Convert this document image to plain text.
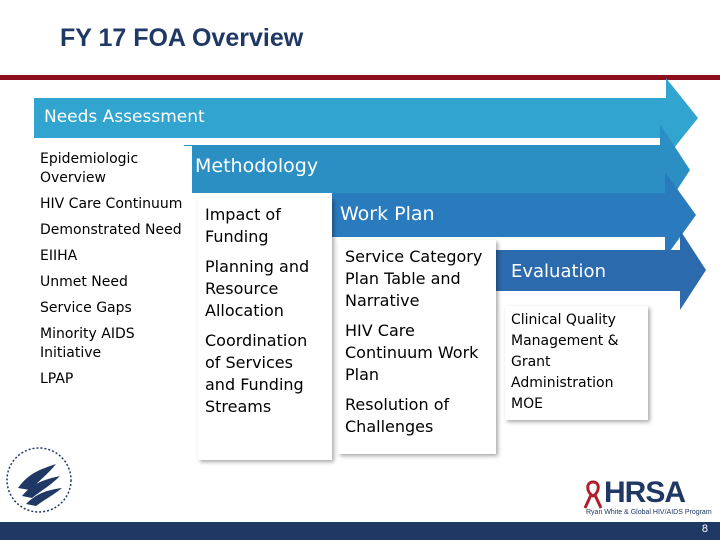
FY 17 FOA Overview
Needs Assessment
Methodology
Work Plan
Evaluation
Epidemiologic Overview
HIV Care Continuum
Demonstrated Need
EIIHA
Unmet Need
Service Gaps
Minority AIDS Initiative
LPAP
Impact of Funding
Planning and Resource Allocation
Coordination of Services and Funding Streams
Service Category Plan Table and Narrative
HIV Care Continuum Work Plan
Resolution of Challenges
Clinical Quality Management & Grant Administration MOE
HRSA
Ryan White & Global HIV/AIDS Program
8
